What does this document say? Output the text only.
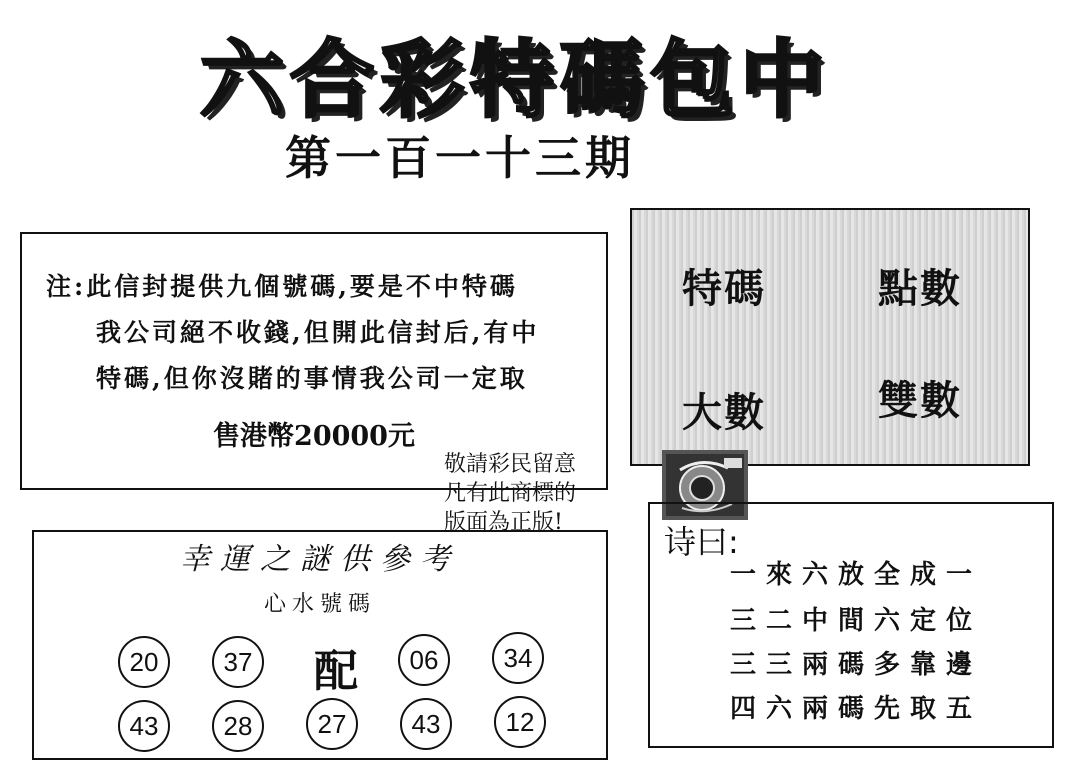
六合彩特碼包中
第一百一十三期
注:此信封提供九個號碼,要是不中特碼
我公司絕不收錢,但開此信封后,有中
特碼,但你沒賭的事情我公司一定取
售港幣20000元
特碼	點數
大數	雙數
敬請彩民留意
凡有此商標的
版面為正版!
幸運之謎供參考
心水號碼
20	37 配	06	34
43	28	27	43	12
诗曰:
一來六放全成一
三二中間六定位
三三兩碼多靠邊
四六兩碼先取五
